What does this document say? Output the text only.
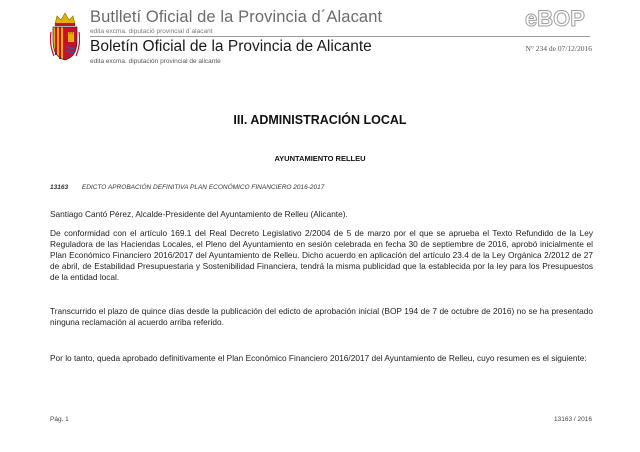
Butlletí Oficial de la Provincia d´Alacant
edita excma. diputació provincial d´alacant
Boletín Oficial de la Provincia de Alicante
edita excma. diputación provincial de alicante
eBOP
N° 234 de 07/12/2016
III. ADMINISTRACIÓN LOCAL
AYUNTAMIENTO RELLEU
13163 EDICTO APROBACIÓN DEFINITIVA PLAN ECONÓMICO FINANCIERO 2016-2017

Santiago Cantó Pérez, Alcalde-Presidente del Ayuntamiento de Relleu (Alicante).

De conformidad con el artículo 169.1 del Real Decreto Legislativo 2/2004 de 5 de marzo por el que se aprueba el Texto Refundido de la Ley Reguladora de las Haciendas Locales, el Pleno del Ayuntamiento en sesión celebrada en fecha 30 de septiembre de 2016, aprobó inicialmente el Plan Económico Financiero 2016/2017 del Ayuntamiento de Relleu. Dicho acuerdo en aplicación del artículo 23.4 de la Ley Orgánica 2/2012 de 27 de abril, de Estabilidad Presupuestaria y Sostenibilidad Financiera, tendrá la misma publicidad que la establecida por la ley para los Presupuestos de la entidad local.

Transcurrido el plazo de quince días desde la publicación del edicto de aprobación inicial (BOP 194 de 7 de octubre de 2016) no se ha presentado ninguna reclamación al acuerdo arriba referido.

Por lo tanto, queda aprobado definitivamente el Plan Económico Financiero 2016/2017 del Ayuntamiento de Relleu, cuyo resumen es el siguiente:

Pág. 1	13163 / 2016
